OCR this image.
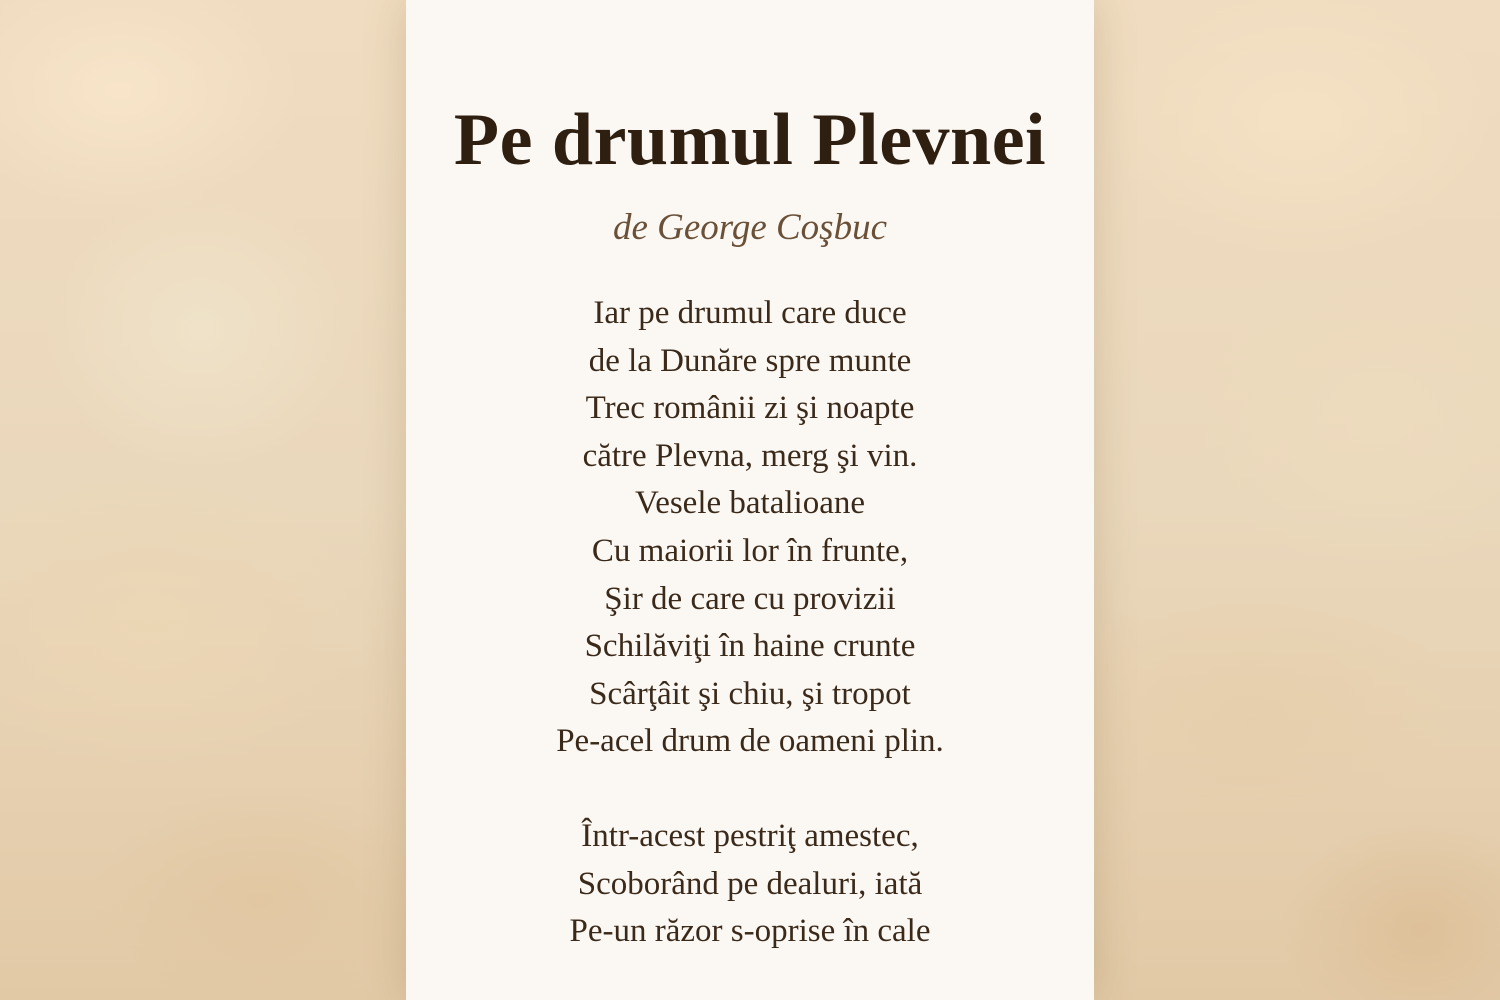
Pe drumul Plevnei
de George Coşbuc
Iar pe drumul care duce
de la Dunăre spre munte
Trec românii zi şi noapte
către Plevna, merg şi vin.
Vesele batalioane
Cu maiorii lor în frunte,
Şir de care cu provizii
Schilăviţi în haine crunte
Scârţâit şi chiu, şi tropot
Pe-acel drum de oameni plin.
Într-acest pestriţ amestec,
Scoborând pe dealuri, iată
Pe-un răzor s-oprise în cale
